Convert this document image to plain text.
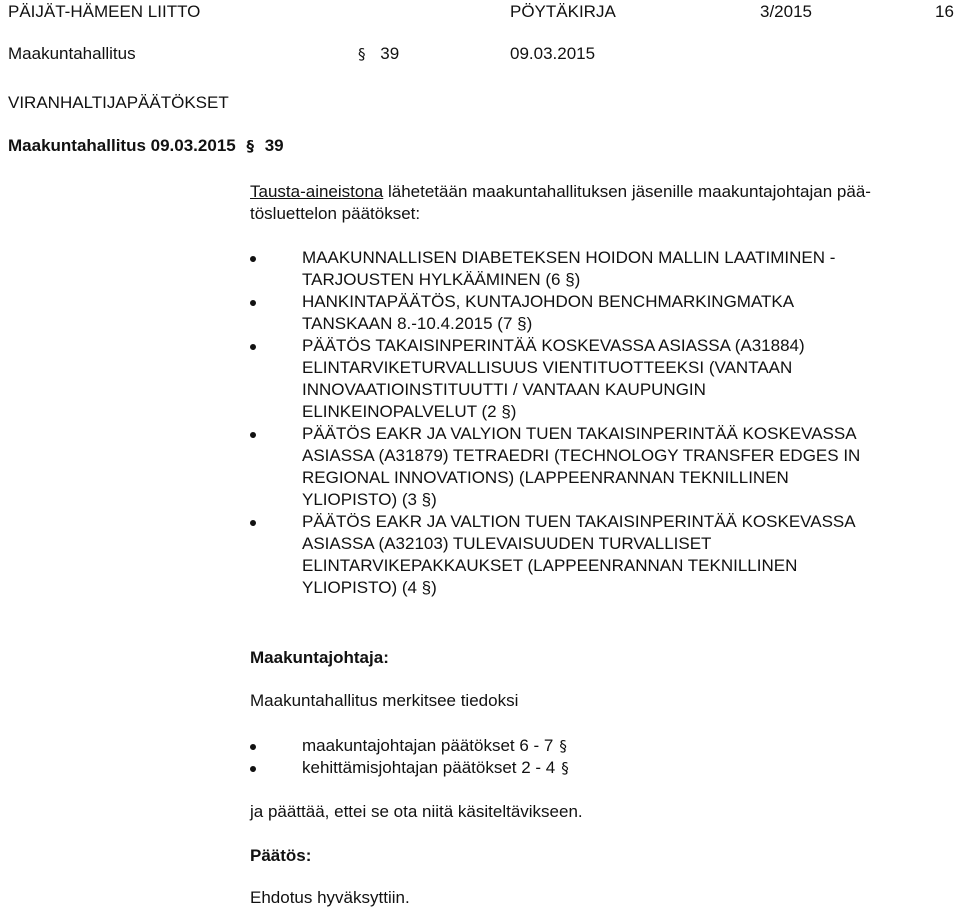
PÄIJÄT-HÄMEEN LIITTO	PÖYTÄKIRJA	3/2015	16
Maakuntahallitus	§ 39	09.03.2015
VIRANHALTIJAPÄÄTÖKSET
Maakuntahallitus 09.03.2015 § 39
Tausta-aineistona lähetetään maakuntahallituksen jäsenille maakuntajohtajan pää-
tösluettelon päätökset:
MAAKUNNALLISEN DIABETEKSEN HOIDON MALLIN LAATIMINEN -
TARJOUSTEN HYLKÄÄMINEN (6 §)
HANKINTAPÄÄTÖS, KUNTAJOHDON BENCHMARKINGMATKA
TANSKAAN 8.-10.4.2015 (7 §)
PÄÄTÖS TAKAISINPERINTÄÄ KOSKEVASSA ASIASSA (A31884)
ELINTARVIKETURVALLISUUS VIENTITUOTTEEKSI (VANTAAN
INNOVAATIOINSTITUUTTI / VANTAAN KAUPUNGIN
ELINKEINOPALVELUT (2 §)
PÄÄTÖS EAKR JA VALYION TUEN TAKAISINPERINTÄÄ KOSKEVASSA
ASIASSA (A31879) TETRAEDRI (TECHNOLOGY TRANSFER EDGES IN
REGIONAL INNOVATIONS) (LAPPEENRANNAN TEKNILLINEN
YLIOPISTO) (3 §)
PÄÄTÖS EAKR JA VALTION TUEN TAKAISINPERINTÄÄ KOSKEVASSA
ASIASSA (A32103) TULEVAISUUDEN TURVALLISET
ELINTARVIKEPAKKAUKSET (LAPPEENRANNAN TEKNILLINEN
YLIOPISTO) (4 §)
Maakuntajohtaja:
Maakuntahallitus merkitsee tiedoksi
maakuntajohtajan päätökset 6 - 7 §
kehittämisjohtajan päätökset 2 - 4 §
ja päättää, ettei se ota niitä käsiteltävikseen.
Päätös:
Ehdotus hyväksyttiin.
